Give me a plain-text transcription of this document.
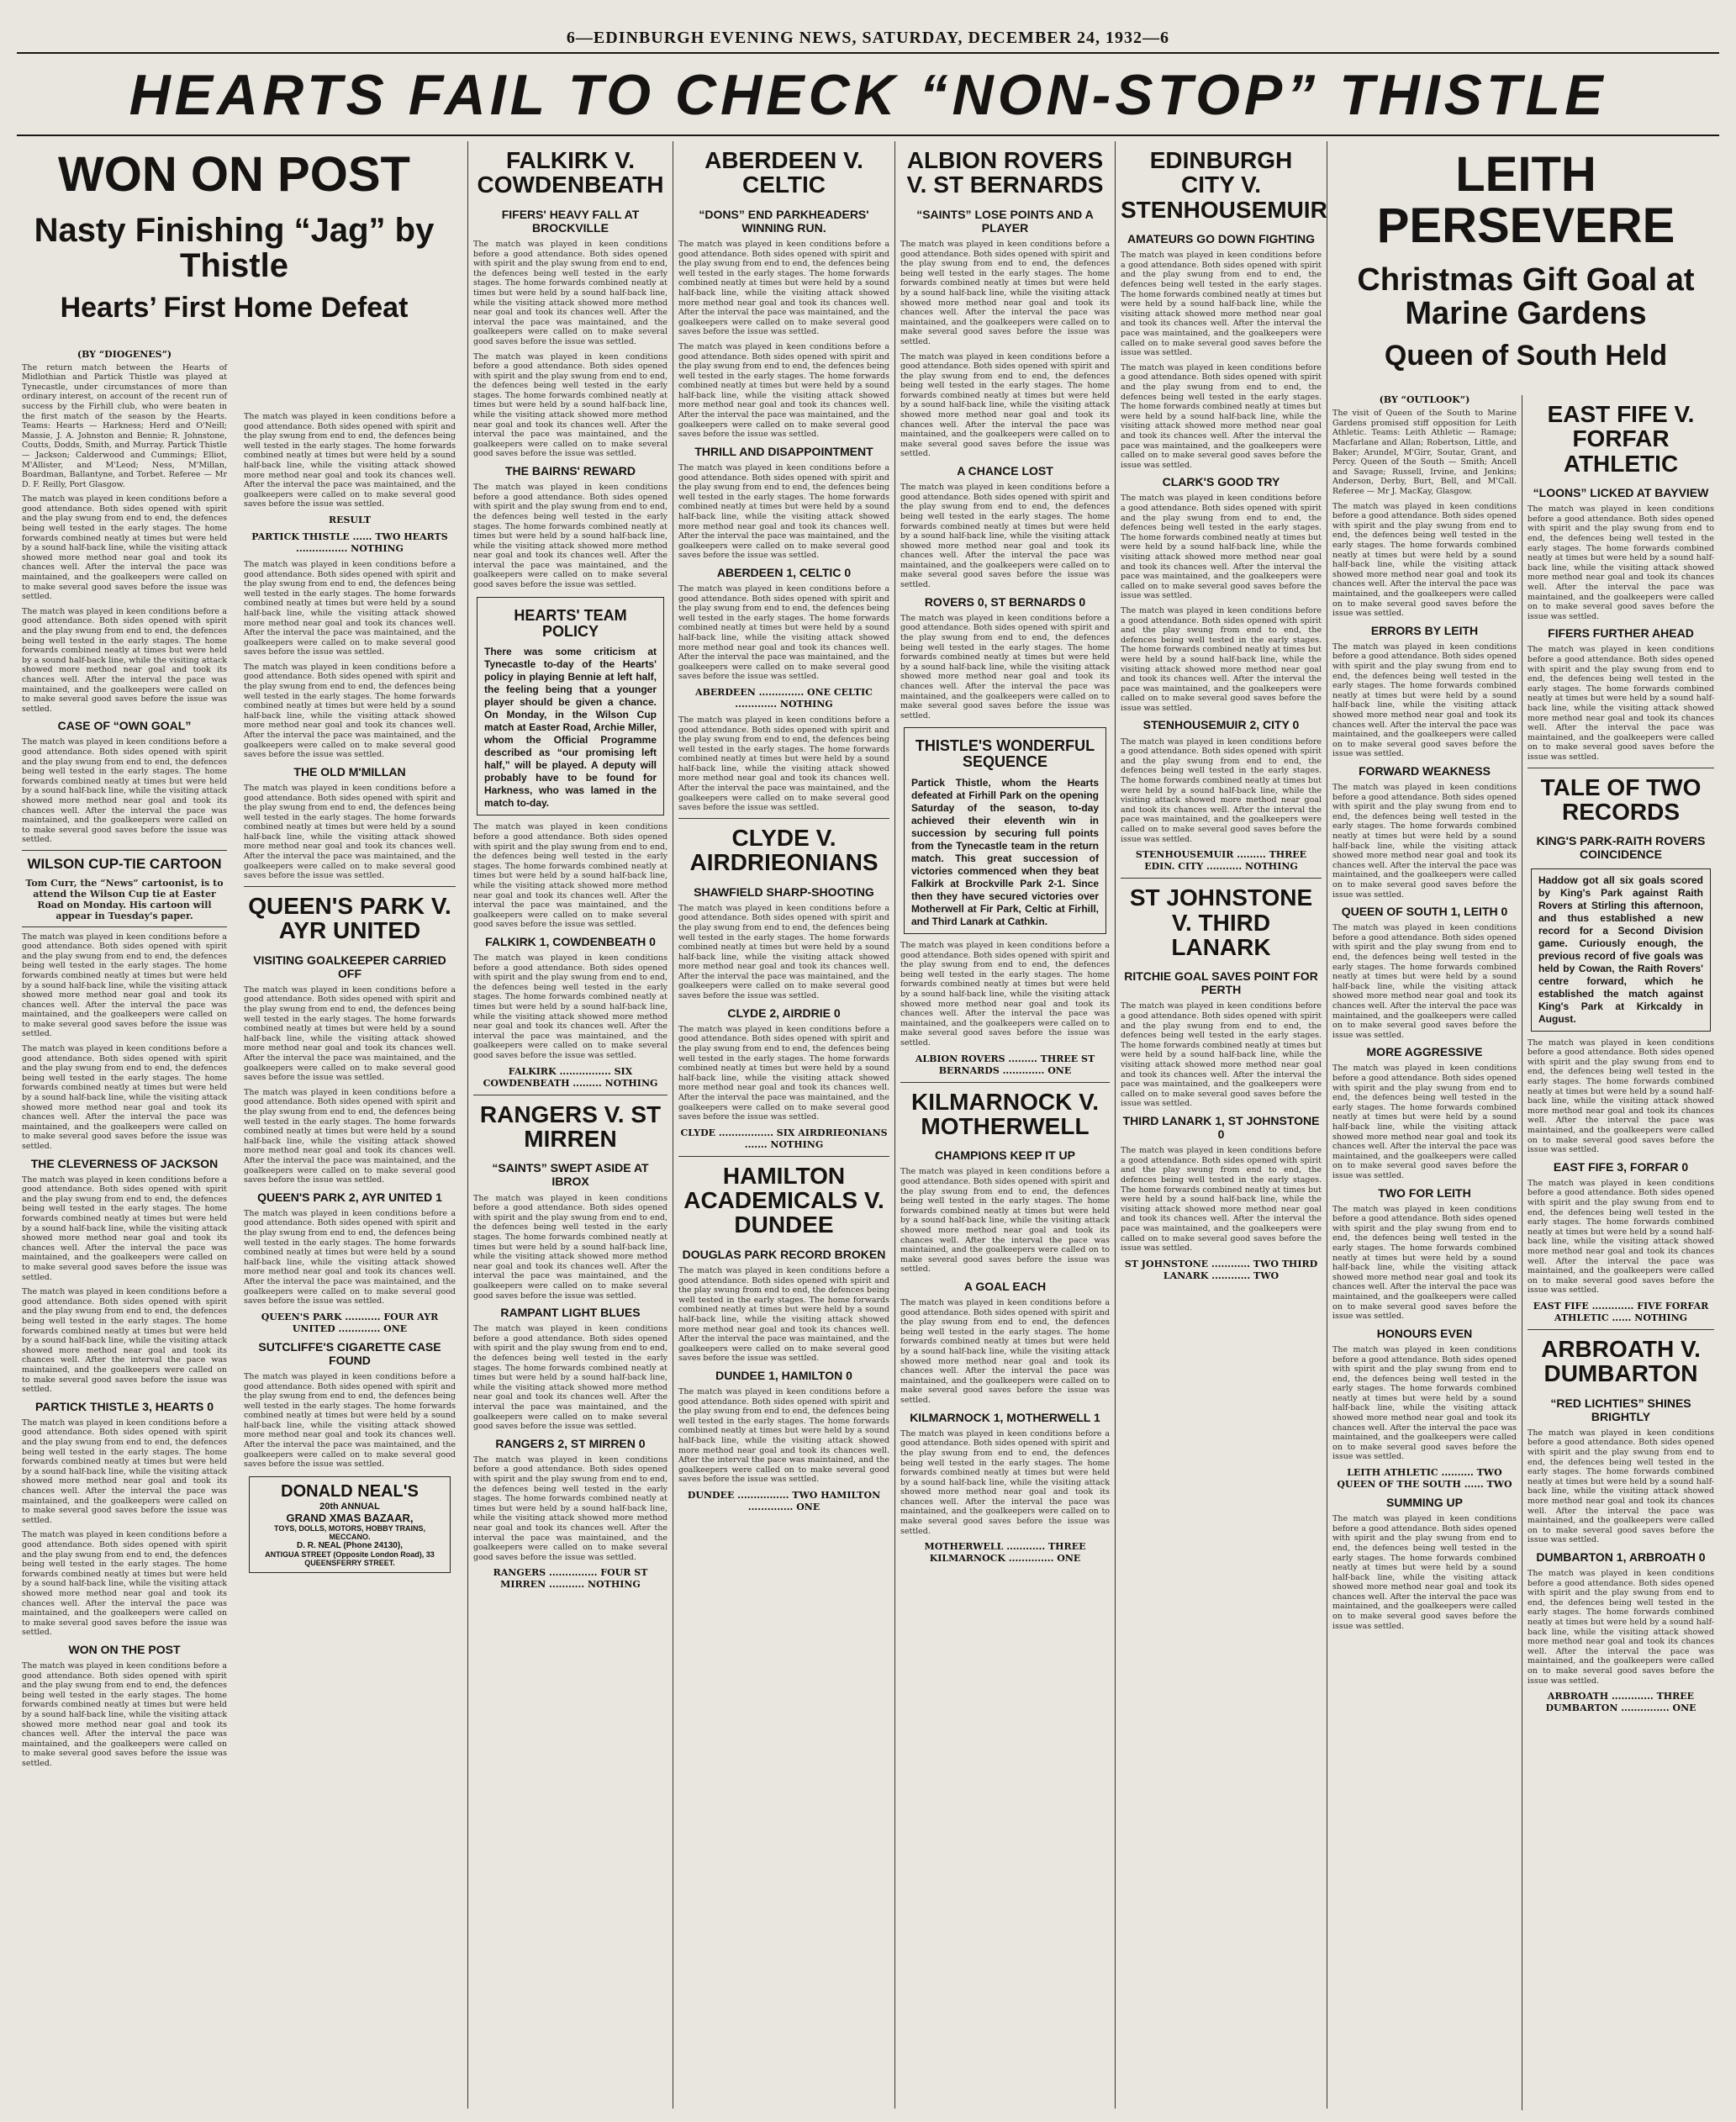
6—EDINBURGH EVENING NEWS, SATURDAY, DECEMBER 24, 1932—6
HEARTS FAIL TO CHECK “NON-STOP” THISTLE

WON ON POST

Nasty Finishing “Jag” by Thistle

Hearts’ First Home Defeat

(BY “DIOGENES”)

The return match between the Hearts of Midlothian and Partick Thistle was played at Tynecastle, under circumstances of more than ordinary interest, on account of the recent run of success by the Firhill club, who were beaten in the first match of the season by the Hearts. Teams: Hearts — Harkness; Herd and O'Neill; Massie, J. A. Johnston and Bennie; R. Johnstone, Coutts, Dodds, Smith, and Murray. Partick Thistle — Jackson; Calderwood and Cummings; Elliot, M'Allister, and M'Leod; Ness, M'Millan, Boardman, Ballantyne, and Torbet. Referee — Mr D. F. Reilly, Port Glasgow.

The match was played in keen conditions before a good attendance. Both sides opened with spirit and the play swung from end to end, the defences being well tested in the early stages. The home forwards combined neatly at times but were held by a sound half-back line, while the visiting attack showed more method near goal and took its chances well. After the interval the pace was maintained, and the goalkeepers were called on to make several good saves before the issue was settled.

The match was played in keen conditions before a good attendance. Both sides opened with spirit and the play swung from end to end, the defences being well tested in the early stages. The home forwards combined neatly at times but were held by a sound half-back line, while the visiting attack showed more method near goal and took its chances well. After the interval the pace was maintained, and the goalkeepers were called on to make several good saves before the issue was settled.

CASE OF “OWN GOAL”

The match was played in keen conditions before a good attendance. Both sides opened with spirit and the play swung from end to end, the defences being well tested in the early stages. The home forwards combined neatly at times but were held by a sound half-back line, while the visiting attack showed more method near goal and took its chances well. After the interval the pace was maintained, and the goalkeepers were called on to make several good saves before the issue was settled.

WILSON CUP-TIE CARTOON

Tom Curr, the “News” cartoonist, is to attend the Wilson Cup tie at Easter Road on Monday. His cartoon will appear in Tuesday's paper.

The match was played in keen conditions before a good attendance. Both sides opened with spirit and the play swung from end to end, the defences being well tested in the early stages. The home forwards combined neatly at times but were held by a sound half-back line, while the visiting attack showed more method near goal and took its chances well. After the interval the pace was maintained, and the goalkeepers were called on to make several good saves before the issue was settled.

The match was played in keen conditions before a good attendance. Both sides opened with spirit and the play swung from end to end, the defences being well tested in the early stages. The home forwards combined neatly at times but were held by a sound half-back line, while the visiting attack showed more method near goal and took its chances well. After the interval the pace was maintained, and the goalkeepers were called on to make several good saves before the issue was settled.

THE CLEVERNESS OF JACKSON

The match was played in keen conditions before a good attendance. Both sides opened with spirit and the play swung from end to end, the defences being well tested in the early stages. The home forwards combined neatly at times but were held by a sound half-back line, while the visiting attack showed more method near goal and took its chances well. After the interval the pace was maintained, and the goalkeepers were called on to make several good saves before the issue was settled.

The match was played in keen conditions before a good attendance. Both sides opened with spirit and the play swung from end to end, the defences being well tested in the early stages. The home forwards combined neatly at times but were held by a sound half-back line, while the visiting attack showed more method near goal and took its chances well. After the interval the pace was maintained, and the goalkeepers were called on to make several good saves before the issue was settled.

PARTICK THISTLE 3, HEARTS 0

The match was played in keen conditions before a good attendance. Both sides opened with spirit and the play swung from end to end, the defences being well tested in the early stages. The home forwards combined neatly at times but were held by a sound half-back line, while the visiting attack showed more method near goal and took its chances well. After the interval the pace was maintained, and the goalkeepers were called on to make several good saves before the issue was settled.

The match was played in keen conditions before a good attendance. Both sides opened with spirit and the play swung from end to end, the defences being well tested in the early stages. The home forwards combined neatly at times but were held by a sound half-back line, while the visiting attack showed more method near goal and took its chances well. After the interval the pace was maintained, and the goalkeepers were called on to make several good saves before the issue was settled.

WON ON THE POST

The match was played in keen conditions before a good attendance. Both sides opened with spirit and the play swung from end to end, the defences being well tested in the early stages. The home forwards combined neatly at times but were held by a sound half-back line, while the visiting attack showed more method near goal and took its chances well. After the interval the pace was maintained, and the goalkeepers were called on to make several good saves before the issue was settled.

The match was played in keen conditions before a good attendance. Both sides opened with spirit and the play swung from end to end, the defences being well tested in the early stages. The home forwards combined neatly at times but were held by a sound half-back line, while the visiting attack showed more method near goal and took its chances well. After the interval the pace was maintained, and the goalkeepers were called on to make several good saves before the issue was settled.

RESULT
PARTICK THISTLE ...... TWO HEARTS ................ NOTHING

The match was played in keen conditions before a good attendance. Both sides opened with spirit and the play swung from end to end, the defences being well tested in the early stages. The home forwards combined neatly at times but were held by a sound half-back line, while the visiting attack showed more method near goal and took its chances well. After the interval the pace was maintained, and the goalkeepers were called on to make several good saves before the issue was settled.

The match was played in keen conditions before a good attendance. Both sides opened with spirit and the play swung from end to end, the defences being well tested in the early stages. The home forwards combined neatly at times but were held by a sound half-back line, while the visiting attack showed more method near goal and took its chances well. After the interval the pace was maintained, and the goalkeepers were called on to make several good saves before the issue was settled.

THE OLD M'MILLAN

The match was played in keen conditions before a good attendance. Both sides opened with spirit and the play swung from end to end, the defences being well tested in the early stages. The home forwards combined neatly at times but were held by a sound half-back line, while the visiting attack showed more method near goal and took its chances well. After the interval the pace was maintained, and the goalkeepers were called on to make several good saves before the issue was settled.

QUEEN'S PARK V. AYR UNITED

VISITING GOALKEEPER CARRIED OFF

The match was played in keen conditions before a good attendance. Both sides opened with spirit and the play swung from end to end, the defences being well tested in the early stages. The home forwards combined neatly at times but were held by a sound half-back line, while the visiting attack showed more method near goal and took its chances well. After the interval the pace was maintained, and the goalkeepers were called on to make several good saves before the issue was settled.

The match was played in keen conditions before a good attendance. Both sides opened with spirit and the play swung from end to end, the defences being well tested in the early stages. The home forwards combined neatly at times but were held by a sound half-back line, while the visiting attack showed more method near goal and took its chances well. After the interval the pace was maintained, and the goalkeepers were called on to make several good saves before the issue was settled.

QUEEN'S PARK 2, AYR UNITED 1

The match was played in keen conditions before a good attendance. Both sides opened with spirit and the play swung from end to end, the defences being well tested in the early stages. The home forwards combined neatly at times but were held by a sound half-back line, while the visiting attack showed more method near goal and took its chances well. After the interval the pace was maintained, and the goalkeepers were called on to make several good saves before the issue was settled.

QUEEN'S PARK ........... FOUR AYR UNITED ............. ONE
SUTCLIFFE'S CIGARETTE CASE FOUND

The match was played in keen conditions before a good attendance. Both sides opened with spirit and the play swung from end to end, the defences being well tested in the early stages. The home forwards combined neatly at times but were held by a sound half-back line, while the visiting attack showed more method near goal and took its chances well. After the interval the pace was maintained, and the goalkeepers were called on to make several good saves before the issue was settled.

DONALD NEAL'S
20th ANNUAL
GRAND XMAS BAZAAR,
TOYS, DOLLS, MOTORS, HOBBY TRAINS, MECCANO.
D. R. NEAL (Phone 24130),
ANTIGUA STREET (Opposite London Road), 33 QUEENSFERRY STREET.

FALKIRK V. COWDENBEATH

FIFERS' HEAVY FALL AT BROCKVILLE

The match was played in keen conditions before a good attendance. Both sides opened with spirit and the play swung from end to end, the defences being well tested in the early stages. The home forwards combined neatly at times but were held by a sound half-back line, while the visiting attack showed more method near goal and took its chances well. After the interval the pace was maintained, and the goalkeepers were called on to make several good saves before the issue was settled.

The match was played in keen conditions before a good attendance. Both sides opened with spirit and the play swung from end to end, the defences being well tested in the early stages. The home forwards combined neatly at times but were held by a sound half-back line, while the visiting attack showed more method near goal and took its chances well. After the interval the pace was maintained, and the goalkeepers were called on to make several good saves before the issue was settled.

THE BAIRNS' REWARD

The match was played in keen conditions before a good attendance. Both sides opened with spirit and the play swung from end to end, the defences being well tested in the early stages. The home forwards combined neatly at times but were held by a sound half-back line, while the visiting attack showed more method near goal and took its chances well. After the interval the pace was maintained, and the goalkeepers were called on to make several good saves before the issue was settled.

HEARTS' TEAM POLICY

There was some criticism at Tynecastle to-day of the Hearts' policy in playing Bennie at left half, the feeling being that a younger player should be given a chance. On Monday, in the Wilson Cup match at Easter Road, Archie Miller, whom the Official Programme described as “our promising left half,” will be played. A deputy will probably have to be found for Harkness, who was lamed in the match to-day.

The match was played in keen conditions before a good attendance. Both sides opened with spirit and the play swung from end to end, the defences being well tested in the early stages. The home forwards combined neatly at times but were held by a sound half-back line, while the visiting attack showed more method near goal and took its chances well. After the interval the pace was maintained, and the goalkeepers were called on to make several good saves before the issue was settled.

FALKIRK 1, COWDENBEATH 0

The match was played in keen conditions before a good attendance. Both sides opened with spirit and the play swung from end to end, the defences being well tested in the early stages. The home forwards combined neatly at times but were held by a sound half-back line, while the visiting attack showed more method near goal and took its chances well. After the interval the pace was maintained, and the goalkeepers were called on to make several good saves before the issue was settled.

FALKIRK ................ SIX COWDENBEATH ......... NOTHING

RANGERS V. ST MIRREN

“SAINTS” SWEPT ASIDE AT IBROX

The match was played in keen conditions before a good attendance. Both sides opened with spirit and the play swung from end to end, the defences being well tested in the early stages. The home forwards combined neatly at times but were held by a sound half-back line, while the visiting attack showed more method near goal and took its chances well. After the interval the pace was maintained, and the goalkeepers were called on to make several good saves before the issue was settled.

RAMPANT LIGHT BLUES

The match was played in keen conditions before a good attendance. Both sides opened with spirit and the play swung from end to end, the defences being well tested in the early stages. The home forwards combined neatly at times but were held by a sound half-back line, while the visiting attack showed more method near goal and took its chances well. After the interval the pace was maintained, and the goalkeepers were called on to make several good saves before the issue was settled.

RANGERS 2, ST MIRREN 0

The match was played in keen conditions before a good attendance. Both sides opened with spirit and the play swung from end to end, the defences being well tested in the early stages. The home forwards combined neatly at times but were held by a sound half-back line, while the visiting attack showed more method near goal and took its chances well. After the interval the pace was maintained, and the goalkeepers were called on to make several good saves before the issue was settled.

RANGERS ............... FOUR ST MIRREN ........... NOTHING

ABERDEEN V. CELTIC

“DONS” END PARKHEADERS' WINNING RUN.

The match was played in keen conditions before a good attendance. Both sides opened with spirit and the play swung from end to end, the defences being well tested in the early stages. The home forwards combined neatly at times but were held by a sound half-back line, while the visiting attack showed more method near goal and took its chances well. After the interval the pace was maintained, and the goalkeepers were called on to make several good saves before the issue was settled.

The match was played in keen conditions before a good attendance. Both sides opened with spirit and the play swung from end to end, the defences being well tested in the early stages. The home forwards combined neatly at times but were held by a sound half-back line, while the visiting attack showed more method near goal and took its chances well. After the interval the pace was maintained, and the goalkeepers were called on to make several good saves before the issue was settled.

THRILL AND DISAPPOINTMENT

The match was played in keen conditions before a good attendance. Both sides opened with spirit and the play swung from end to end, the defences being well tested in the early stages. The home forwards combined neatly at times but were held by a sound half-back line, while the visiting attack showed more method near goal and took its chances well. After the interval the pace was maintained, and the goalkeepers were called on to make several good saves before the issue was settled.

ABERDEEN 1, CELTIC 0

The match was played in keen conditions before a good attendance. Both sides opened with spirit and the play swung from end to end, the defences being well tested in the early stages. The home forwards combined neatly at times but were held by a sound half-back line, while the visiting attack showed more method near goal and took its chances well. After the interval the pace was maintained, and the goalkeepers were called on to make several good saves before the issue was settled.

ABERDEEN .............. ONE CELTIC ............. NOTHING

The match was played in keen conditions before a good attendance. Both sides opened with spirit and the play swung from end to end, the defences being well tested in the early stages. The home forwards combined neatly at times but were held by a sound half-back line, while the visiting attack showed more method near goal and took its chances well. After the interval the pace was maintained, and the goalkeepers were called on to make several good saves before the issue was settled.

CLYDE V. AIRDRIEONIANS

SHAWFIELD SHARP-SHOOTING

The match was played in keen conditions before a good attendance. Both sides opened with spirit and the play swung from end to end, the defences being well tested in the early stages. The home forwards combined neatly at times but were held by a sound half-back line, while the visiting attack showed more method near goal and took its chances well. After the interval the pace was maintained, and the goalkeepers were called on to make several good saves before the issue was settled.

CLYDE 2, AIRDRIE 0

The match was played in keen conditions before a good attendance. Both sides opened with spirit and the play swung from end to end, the defences being well tested in the early stages. The home forwards combined neatly at times but were held by a sound half-back line, while the visiting attack showed more method near goal and took its chances well. After the interval the pace was maintained, and the goalkeepers were called on to make several good saves before the issue was settled.

CLYDE ................. SIX AIRDRIEONIANS ....... NOTHING

HAMILTON ACADEMICALS V. DUNDEE

DOUGLAS PARK RECORD BROKEN

The match was played in keen conditions before a good attendance. Both sides opened with spirit and the play swung from end to end, the defences being well tested in the early stages. The home forwards combined neatly at times but were held by a sound half-back line, while the visiting attack showed more method near goal and took its chances well. After the interval the pace was maintained, and the goalkeepers were called on to make several good saves before the issue was settled.

DUNDEE 1, HAMILTON 0

The match was played in keen conditions before a good attendance. Both sides opened with spirit and the play swung from end to end, the defences being well tested in the early stages. The home forwards combined neatly at times but were held by a sound half-back line, while the visiting attack showed more method near goal and took its chances well. After the interval the pace was maintained, and the goalkeepers were called on to make several good saves before the issue was settled.

DUNDEE ................ TWO HAMILTON .............. ONE

ALBION ROVERS V. ST BERNARDS

“SAINTS” LOSE POINTS AND A PLAYER

The match was played in keen conditions before a good attendance. Both sides opened with spirit and the play swung from end to end, the defences being well tested in the early stages. The home forwards combined neatly at times but were held by a sound half-back line, while the visiting attack showed more method near goal and took its chances well. After the interval the pace was maintained, and the goalkeepers were called on to make several good saves before the issue was settled.

The match was played in keen conditions before a good attendance. Both sides opened with spirit and the play swung from end to end, the defences being well tested in the early stages. The home forwards combined neatly at times but were held by a sound half-back line, while the visiting attack showed more method near goal and took its chances well. After the interval the pace was maintained, and the goalkeepers were called on to make several good saves before the issue was settled.

A CHANCE LOST

The match was played in keen conditions before a good attendance. Both sides opened with spirit and the play swung from end to end, the defences being well tested in the early stages. The home forwards combined neatly at times but were held by a sound half-back line, while the visiting attack showed more method near goal and took its chances well. After the interval the pace was maintained, and the goalkeepers were called on to make several good saves before the issue was settled.

ROVERS 0, ST BERNARDS 0

The match was played in keen conditions before a good attendance. Both sides opened with spirit and the play swung from end to end, the defences being well tested in the early stages. The home forwards combined neatly at times but were held by a sound half-back line, while the visiting attack showed more method near goal and took its chances well. After the interval the pace was maintained, and the goalkeepers were called on to make several good saves before the issue was settled.

THISTLE'S WONDERFUL SEQUENCE

Partick Thistle, whom the Hearts defeated at Firhill Park on the opening Saturday of the season, to-day achieved their eleventh win in succession by securing full points from the Tynecastle team in the return match. This great succession of victories commenced when they beat Falkirk at Brockville Park 2-1. Since then they have secured victories over Motherwell at Fir Park, Celtic at Firhill, and Third Lanark at Cathkin.

The match was played in keen conditions before a good attendance. Both sides opened with spirit and the play swung from end to end, the defences being well tested in the early stages. The home forwards combined neatly at times but were held by a sound half-back line, while the visiting attack showed more method near goal and took its chances well. After the interval the pace was maintained, and the goalkeepers were called on to make several good saves before the issue was settled.

ALBION ROVERS ......... THREE ST BERNARDS ............. ONE

KILMARNOCK V. MOTHERWELL

CHAMPIONS KEEP IT UP

The match was played in keen conditions before a good attendance. Both sides opened with spirit and the play swung from end to end, the defences being well tested in the early stages. The home forwards combined neatly at times but were held by a sound half-back line, while the visiting attack showed more method near goal and took its chances well. After the interval the pace was maintained, and the goalkeepers were called on to make several good saves before the issue was settled.

A GOAL EACH

The match was played in keen conditions before a good attendance. Both sides opened with spirit and the play swung from end to end, the defences being well tested in the early stages. The home forwards combined neatly at times but were held by a sound half-back line, while the visiting attack showed more method near goal and took its chances well. After the interval the pace was maintained, and the goalkeepers were called on to make several good saves before the issue was settled.

KILMARNOCK 1, MOTHERWELL 1

The match was played in keen conditions before a good attendance. Both sides opened with spirit and the play swung from end to end, the defences being well tested in the early stages. The home forwards combined neatly at times but were held by a sound half-back line, while the visiting attack showed more method near goal and took its chances well. After the interval the pace was maintained, and the goalkeepers were called on to make several good saves before the issue was settled.

MOTHERWELL ............ THREE KILMARNOCK .............. ONE

EDINBURGH CITY V. STENHOUSEMUIR

AMATEURS GO DOWN FIGHTING

The match was played in keen conditions before a good attendance. Both sides opened with spirit and the play swung from end to end, the defences being well tested in the early stages. The home forwards combined neatly at times but were held by a sound half-back line, while the visiting attack showed more method near goal and took its chances well. After the interval the pace was maintained, and the goalkeepers were called on to make several good saves before the issue was settled.

The match was played in keen conditions before a good attendance. Both sides opened with spirit and the play swung from end to end, the defences being well tested in the early stages. The home forwards combined neatly at times but were held by a sound half-back line, while the visiting attack showed more method near goal and took its chances well. After the interval the pace was maintained, and the goalkeepers were called on to make several good saves before the issue was settled.

CLARK'S GOOD TRY

The match was played in keen conditions before a good attendance. Both sides opened with spirit and the play swung from end to end, the defences being well tested in the early stages. The home forwards combined neatly at times but were held by a sound half-back line, while the visiting attack showed more method near goal and took its chances well. After the interval the pace was maintained, and the goalkeepers were called on to make several good saves before the issue was settled.

The match was played in keen conditions before a good attendance. Both sides opened with spirit and the play swung from end to end, the defences being well tested in the early stages. The home forwards combined neatly at times but were held by a sound half-back line, while the visiting attack showed more method near goal and took its chances well. After the interval the pace was maintained, and the goalkeepers were called on to make several good saves before the issue was settled.

STENHOUSEMUIR 2, CITY 0

The match was played in keen conditions before a good attendance. Both sides opened with spirit and the play swung from end to end, the defences being well tested in the early stages. The home forwards combined neatly at times but were held by a sound half-back line, while the visiting attack showed more method near goal and took its chances well. After the interval the pace was maintained, and the goalkeepers were called on to make several good saves before the issue was settled.

STENHOUSEMUIR ......... THREE EDIN. CITY ........... NOTHING

ST JOHNSTONE V. THIRD LANARK

RITCHIE GOAL SAVES POINT FOR PERTH

The match was played in keen conditions before a good attendance. Both sides opened with spirit and the play swung from end to end, the defences being well tested in the early stages. The home forwards combined neatly at times but were held by a sound half-back line, while the visiting attack showed more method near goal and took its chances well. After the interval the pace was maintained, and the goalkeepers were called on to make several good saves before the issue was settled.

THIRD LANARK 1, ST JOHNSTONE 0

The match was played in keen conditions before a good attendance. Both sides opened with spirit and the play swung from end to end, the defences being well tested in the early stages. The home forwards combined neatly at times but were held by a sound half-back line, while the visiting attack showed more method near goal and took its chances well. After the interval the pace was maintained, and the goalkeepers were called on to make several good saves before the issue was settled.

ST JOHNSTONE ............ TWO THIRD LANARK ............ TWO

LEITH PERSEVERE

Christmas Gift Goal at Marine Gardens

Queen of South Held

(BY “OUTLOOK”)

The visit of Queen of the South to Marine Gardens promised stiff opposition for Leith Athletic. Teams: Leith Athletic — Ramage; Macfarlane and Allan; Robertson, Little, and Baker; Arundel, M'Girr, Soutar, Grant, and Percy. Queen of the South — Smith; Ancell and Savage; Russell, Irvine, and Jenkins; Anderson, Derby, Burt, Bell, and M'Call. Referee — Mr J. MacKay, Glasgow.

The match was played in keen conditions before a good attendance. Both sides opened with spirit and the play swung from end to end, the defences being well tested in the early stages. The home forwards combined neatly at times but were held by a sound half-back line, while the visiting attack showed more method near goal and took its chances well. After the interval the pace was maintained, and the goalkeepers were called on to make several good saves before the issue was settled.

ERRORS BY LEITH

The match was played in keen conditions before a good attendance. Both sides opened with spirit and the play swung from end to end, the defences being well tested in the early stages. The home forwards combined neatly at times but were held by a sound half-back line, while the visiting attack showed more method near goal and took its chances well. After the interval the pace was maintained, and the goalkeepers were called on to make several good saves before the issue was settled.

FORWARD WEAKNESS

The match was played in keen conditions before a good attendance. Both sides opened with spirit and the play swung from end to end, the defences being well tested in the early stages. The home forwards combined neatly at times but were held by a sound half-back line, while the visiting attack showed more method near goal and took its chances well. After the interval the pace was maintained, and the goalkeepers were called on to make several good saves before the issue was settled.

QUEEN OF SOUTH 1, LEITH 0

The match was played in keen conditions before a good attendance. Both sides opened with spirit and the play swung from end to end, the defences being well tested in the early stages. The home forwards combined neatly at times but were held by a sound half-back line, while the visiting attack showed more method near goal and took its chances well. After the interval the pace was maintained, and the goalkeepers were called on to make several good saves before the issue was settled.

MORE AGGRESSIVE

The match was played in keen conditions before a good attendance. Both sides opened with spirit and the play swung from end to end, the defences being well tested in the early stages. The home forwards combined neatly at times but were held by a sound half-back line, while the visiting attack showed more method near goal and took its chances well. After the interval the pace was maintained, and the goalkeepers were called on to make several good saves before the issue was settled.

TWO FOR LEITH

The match was played in keen conditions before a good attendance. Both sides opened with spirit and the play swung from end to end, the defences being well tested in the early stages. The home forwards combined neatly at times but were held by a sound half-back line, while the visiting attack showed more method near goal and took its chances well. After the interval the pace was maintained, and the goalkeepers were called on to make several good saves before the issue was settled.

HONOURS EVEN

The match was played in keen conditions before a good attendance. Both sides opened with spirit and the play swung from end to end, the defences being well tested in the early stages. The home forwards combined neatly at times but were held by a sound half-back line, while the visiting attack showed more method near goal and took its chances well. After the interval the pace was maintained, and the goalkeepers were called on to make several good saves before the issue was settled.

LEITH ATHLETIC .......... TWO QUEEN OF THE SOUTH ...... TWO
SUMMING UP

The match was played in keen conditions before a good attendance. Both sides opened with spirit and the play swung from end to end, the defences being well tested in the early stages. The home forwards combined neatly at times but were held by a sound half-back line, while the visiting attack showed more method near goal and took its chances well. After the interval the pace was maintained, and the goalkeepers were called on to make several good saves before the issue was settled.

EAST FIFE V. FORFAR ATHLETIC

“LOONS” LICKED AT BAYVIEW

The match was played in keen conditions before a good attendance. Both sides opened with spirit and the play swung from end to end, the defences being well tested in the early stages. The home forwards combined neatly at times but were held by a sound half-back line, while the visiting attack showed more method near goal and took its chances well. After the interval the pace was maintained, and the goalkeepers were called on to make several good saves before the issue was settled.

FIFERS FURTHER AHEAD

The match was played in keen conditions before a good attendance. Both sides opened with spirit and the play swung from end to end, the defences being well tested in the early stages. The home forwards combined neatly at times but were held by a sound half-back line, while the visiting attack showed more method near goal and took its chances well. After the interval the pace was maintained, and the goalkeepers were called on to make several good saves before the issue was settled.

TALE OF TWO RECORDS

KING'S PARK-RAITH ROVERS COINCIDENCE

Haddow got all six goals scored by King's Park against Raith Rovers at Stirling this afternoon, and thus established a new record for a Second Division game. Curiously enough, the previous record of five goals was held by Cowan, the Raith Rovers' centre forward, which he established the match against King's Park at Kirkcaldy in August.

The match was played in keen conditions before a good attendance. Both sides opened with spirit and the play swung from end to end, the defences being well tested in the early stages. The home forwards combined neatly at times but were held by a sound half-back line, while the visiting attack showed more method near goal and took its chances well. After the interval the pace was maintained, and the goalkeepers were called on to make several good saves before the issue was settled.

EAST FIFE 3, FORFAR 0

The match was played in keen conditions before a good attendance. Both sides opened with spirit and the play swung from end to end, the defences being well tested in the early stages. The home forwards combined neatly at times but were held by a sound half-back line, while the visiting attack showed more method near goal and took its chances well. After the interval the pace was maintained, and the goalkeepers were called on to make several good saves before the issue was settled.

EAST FIFE ............. FIVE FORFAR ATHLETIC ...... NOTHING

ARBROATH V. DUMBARTON

“RED LICHTIES” SHINES BRIGHTLY

The match was played in keen conditions before a good attendance. Both sides opened with spirit and the play swung from end to end, the defences being well tested in the early stages. The home forwards combined neatly at times but were held by a sound half-back line, while the visiting attack showed more method near goal and took its chances well. After the interval the pace was maintained, and the goalkeepers were called on to make several good saves before the issue was settled.

DUMBARTON 1, ARBROATH 0

The match was played in keen conditions before a good attendance. Both sides opened with spirit and the play swung from end to end, the defences being well tested in the early stages. The home forwards combined neatly at times but were held by a sound half-back line, while the visiting attack showed more method near goal and took its chances well. After the interval the pace was maintained, and the goalkeepers were called on to make several good saves before the issue was settled.

ARBROATH ............. THREE DUMBARTON ............... ONE
